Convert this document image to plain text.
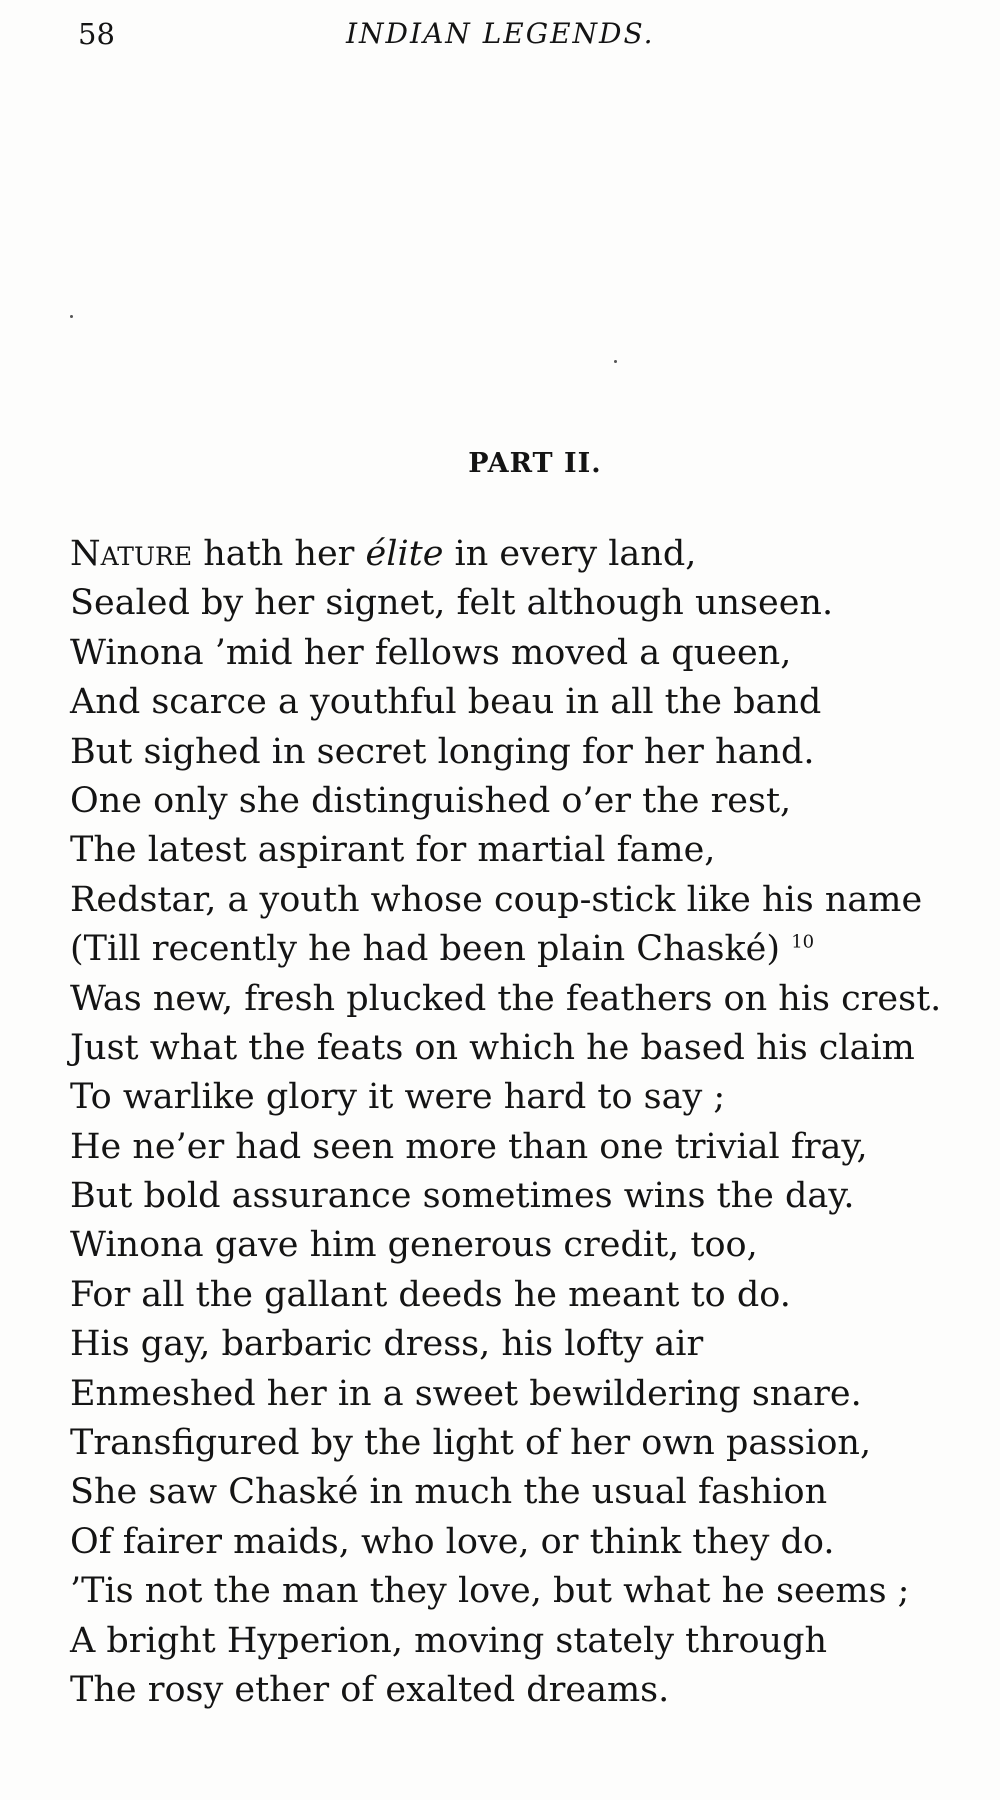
58	INDIAN LEGENDS.
PART II.
Nature hath her élite in every land,
Sealed by her signet, felt although unseen.
Winona ’mid her fellows moved a queen,
And scarce a youthful beau in all the band
But sighed in secret longing for her hand.
One only she distinguished o’er the rest,
The latest aspirant for martial fame,
Redstar, a youth whose coup-stick like his name
(Till recently he had been plain Chaské) $^{10}$
Was new, fresh plucked the feathers on his crest.
Just what the feats on which he based his claim
To warlike glory it were hard to say ;
He ne’er had seen more than one trivial fray,
But bold assurance sometimes wins the day.
Winona gave him generous credit, too,
For all the gallant deeds he meant to do.
His gay, barbaric dress, his lofty air
Enmeshed her in a sweet bewildering snare.
Transfigured by the light of her own passion,
She saw Chaské in much the usual fashion
Of fairer maids, who love, or think they do.
’Tis not the man they love, but what he seems ;
A bright Hyperion, moving stately through
The rosy ether of exalted dreams.
